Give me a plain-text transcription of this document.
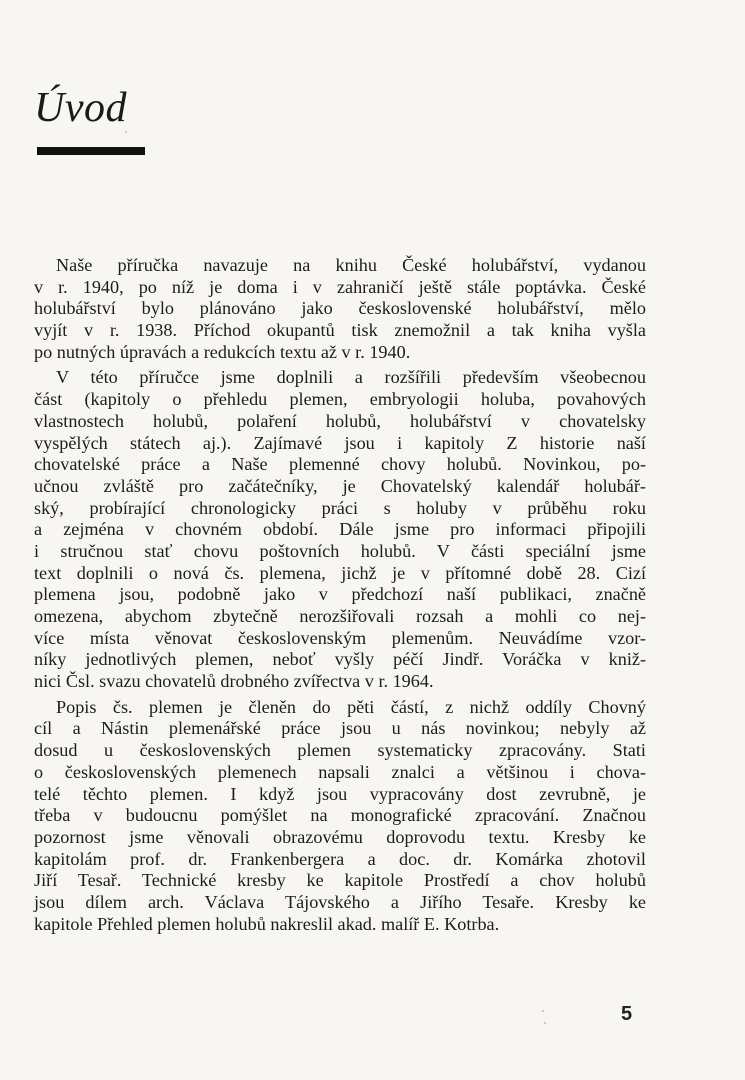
Úvod

Naše příručka navazuje na knihu České holubářství, vydanou
v r. 1940, po níž je doma i v zahraničí ještě stále poptávka. České
holubářství bylo plánováno jako československé holubářství, mělo
vyjít v r. 1938. Příchod okupantů tisk znemožnil a tak kniha vyšla
po nutných úpravách a redukcích textu až v r. 1940.

V této příručce jsme doplnili a rozšířili především všeobecnou
část (kapitoly o přehledu plemen, embryologii holuba, povahových
vlastnostech holubů, polaření holubů, holubářství v chovatelsky
vyspělých státech aj.). Zajímavé jsou i kapitoly Z historie naší
chovatelské práce a Naše plemenné chovy holubů. Novinkou, po-
učnou zvláště pro začátečníky, je Chovatelský kalendář holubář-
ský, probírající chronologicky práci s holuby v průběhu roku
a zejména v chovném období. Dále jsme pro informaci připojili
i stručnou stať chovu poštovních holubů. V části speciální jsme
text doplnili o nová čs. plemena, jichž je v přítomné době 28. Cizí
plemena jsou, podobně jako v předchozí naší publikaci, značně
omezena, abychom zbytečně nerozšiřovali rozsah a mohli co nej-
více místa věnovat československým plemenům. Neuvádíme vzor-
níky jednotlivých plemen, neboť vyšly péčí Jindř. Voráčka v kniž-
nici Čsl. svazu chovatelů drobného zvířectva v r. 1964.

Popis čs. plemen je členěn do pěti částí, z nichž oddíly Chovný
cíl a Nástin plemenářské práce jsou u nás novinkou; nebyly až
dosud u československých plemen systematicky zpracovány. Stati
o československých plemenech napsali znalci a většinou i chova-
telé těchto plemen. I když jsou vypracovány dost zevrubně, je
třeba v budoucnu pomýšlet na monografické zpracování. Značnou
pozornost jsme věnovali obrazovému doprovodu textu. Kresby ke
kapitolám prof. dr. Frankenbergera a doc. dr. Komárka zhotovil
Jiří Tesař. Technické kresby ke kapitole Prostředí a chov holubů
jsou dílem arch. Václava Tájovského a Jiřího Tesaře. Kresby ke
kapitole Přehled plemen holubů nakreslil akad. malíř E. Kotrba.

5
